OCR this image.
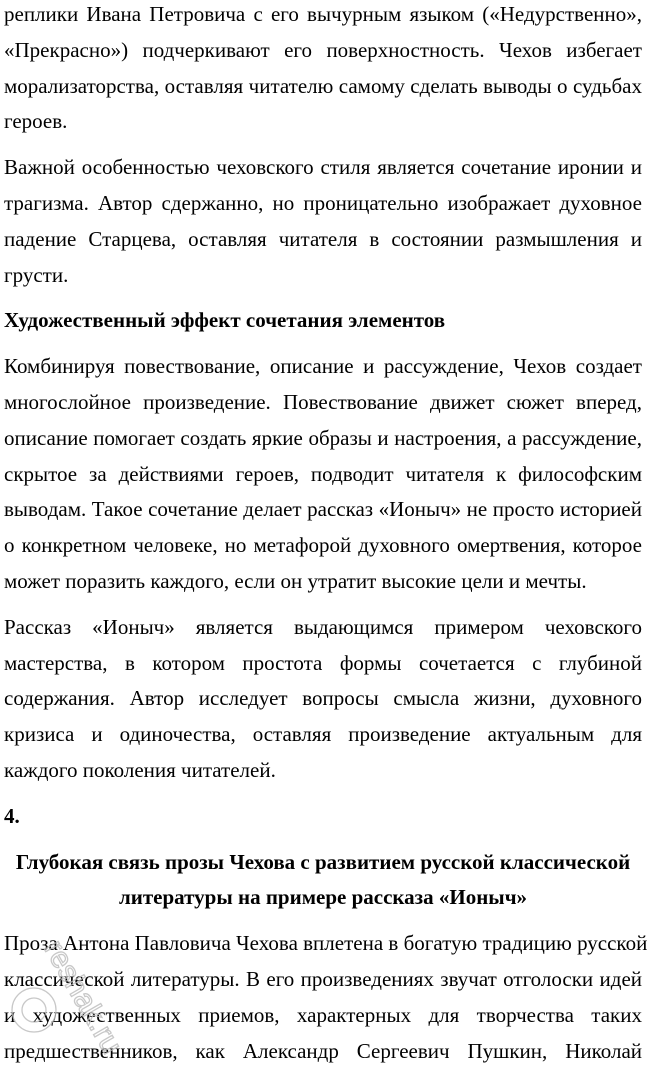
реплики Ивана Петровича с его вычурным языком («Недурственно»,
«Прекрасно») подчеркивают его поверхностность. Чехов избегает
морализаторства, оставляя читателю самому сделать выводы о судьбах
героев.
Важной особенностью чеховского стиля является сочетание иронии и
трагизма. Автор сдержанно, но проницательно изображает духовное
падение Старцева, оставляя читателя в состоянии размышления и
грусти.
Художественный эффект сочетания элементов
Комбинируя повествование, описание и рассуждение, Чехов создает
многослойное произведение. Повествование движет сюжет вперед,
описание помогает создать яркие образы и настроения, а рассуждение,
скрытое за действиями героев, подводит читателя к философским
выводам. Такое сочетание делает рассказ «Ионыч» не просто историей
о конкретном человеке, но метафорой духовного омертвения, которое
может поразить каждого, если он утратит высокие цели и мечты.
Рассказ «Ионыч» является выдающимся примером чеховского
мастерства, в котором простота формы сочетается с глубиной
содержания. Автор исследует вопросы смысла жизни, духовного
кризиса и одиночества, оставляя произведение актуальным для
каждого поколения читателей.
4.
Глубокая связь прозы Чехова с развитием русской классической
литературы на примере рассказа «Ионыч»
Проза Антона Павловича Чехова вплетена в богатую традицию русской
классической литературы. В его произведениях звучат отголоски идей
и художественных приемов, характерных для творчества таких
предшественников, как Александр Сергеевич Пушкин, Николай
reshak.ru
